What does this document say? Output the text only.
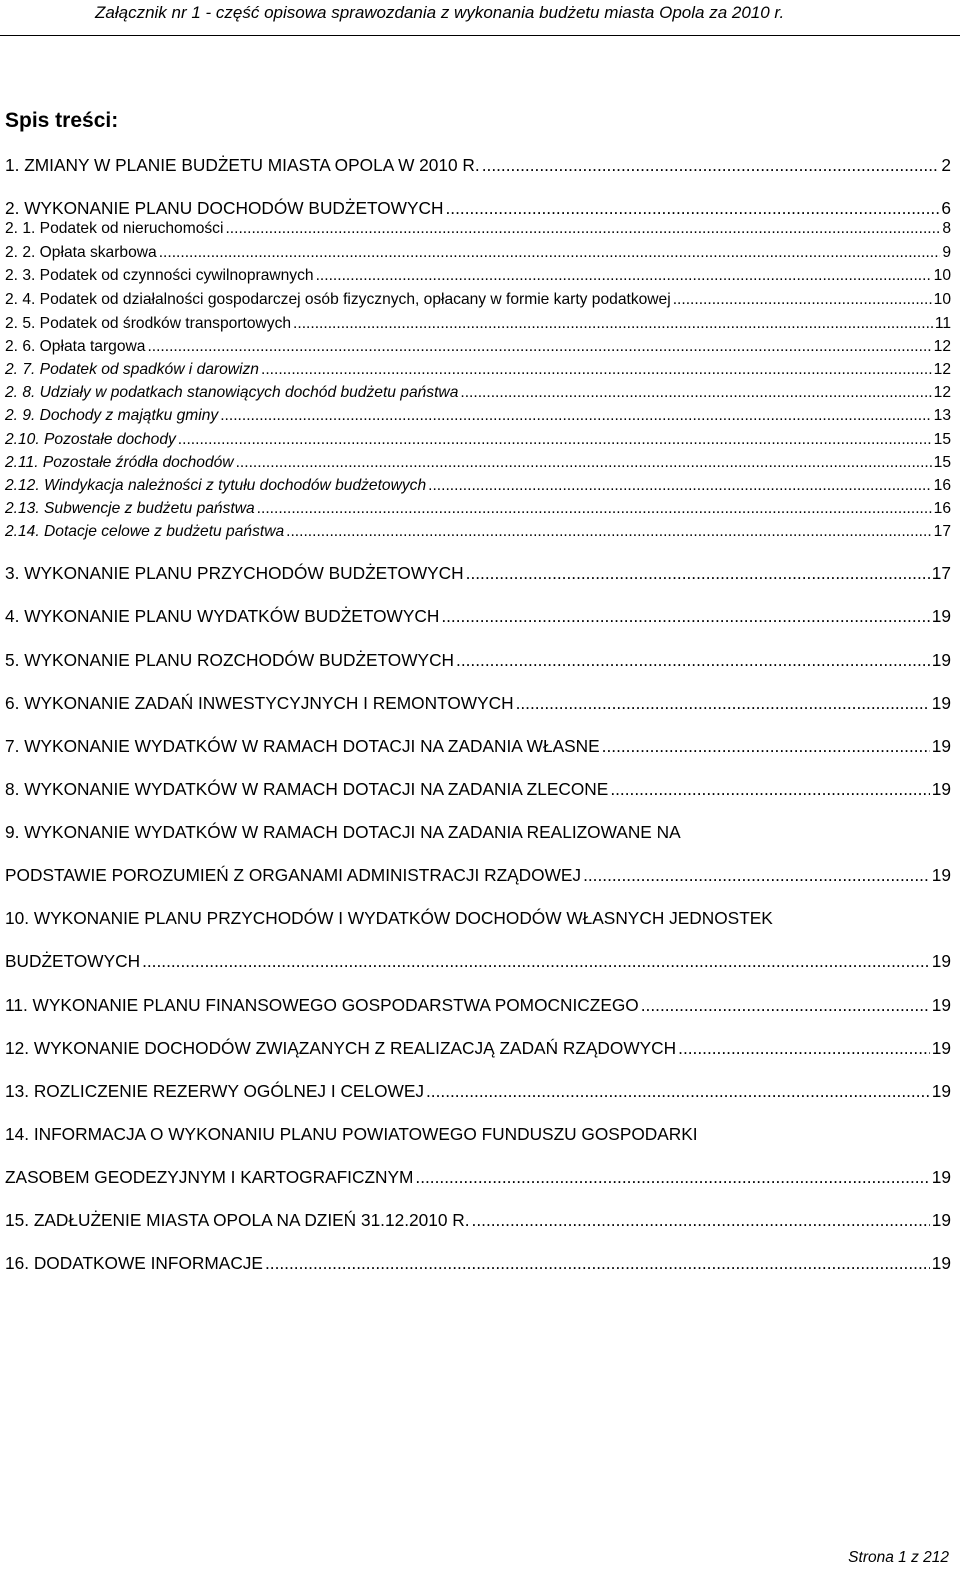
Załącznik nr 1 - część opisowa sprawozdania z wykonania budżetu miasta Opola za 2010 r.
Spis treści:
1. ZMIANY W PLANIE BUDŻETU MIASTA OPOLA W 2010 R. .....	2
2. WYKONANIE PLANU DOCHODÓW BUDŻETOWYCH .....	6
2. 1. Podatek od nieruchomości .....	8
2. 2. Opłata skarbowa .....	9
2. 3. Podatek od czynności cywilnoprawnych .....	10
2. 4. Podatek od działalności gospodarczej osób fizycznych, opłacany w formie karty podatkowej .....	10
2. 5. Podatek od środków transportowych .....	11
2. 6. Opłata targowa .....	12
2. 7. Podatek od spadków i darowizn .....	12
2. 8. Udziały w podatkach stanowiących dochód budżetu państwa .....	12
2. 9. Dochody z majątku gminy .....	13
2.10. Pozostałe dochody .....	15
2.11. Pozostałe źródła dochodów .....	15
2.12. Windykacja należności z tytułu dochodów budżetowych .....	16
2.13. Subwencje z budżetu państwa .....	16
2.14. Dotacje celowe z budżetu państwa .....	17
3. WYKONANIE PLANU PRZYCHODÓW BUDŻETOWYCH .....	17
4. WYKONANIE PLANU WYDATKÓW BUDŻETOWYCH .....	19
5. WYKONANIE PLANU ROZCHODÓW BUDŻETOWYCH .....	19
6. WYKONANIE ZADAŃ INWESTYCYJNYCH I REMONTOWYCH .....	19
7. WYKONANIE WYDATKÓW W RAMACH DOTACJI NA ZADANIA WŁASNE .....	19
8. WYKONANIE WYDATKÓW W RAMACH DOTACJI NA ZADANIA ZLECONE .....	19
9. WYKONANIE WYDATKÓW W RAMACH DOTACJI NA ZADANIA REALIZOWANE NA
PODSTAWIE POROZUMIEŃ Z ORGANAMI ADMINISTRACJI RZĄDOWEJ .....	19
10. WYKONANIE PLANU PRZYCHODÓW I WYDATKÓW DOCHODÓW WŁASNYCH JEDNOSTEK
BUDŻETOWYCH .....	19
11. WYKONANIE PLANU FINANSOWEGO GOSPODARSTWA POMOCNICZEGO .....	19
12. WYKONANIE DOCHODÓW ZWIĄZANYCH Z REALIZACJĄ ZADAŃ RZĄDOWYCH .....	19
13. ROZLICZENIE REZERWY OGÓLNEJ I CELOWEJ .....	19
14. INFORMACJA O WYKONANIU PLANU POWIATOWEGO FUNDUSZU GOSPODARKI
ZASOBEM GEODEZYJNYM I KARTOGRAFICZNYM .....	19
15. ZADŁUŻENIE MIASTA OPOLA NA DZIEŃ 31.12.2010 R. .....	19
16. DODATKOWE INFORMACJE .....	19
Strona 1 z 212
